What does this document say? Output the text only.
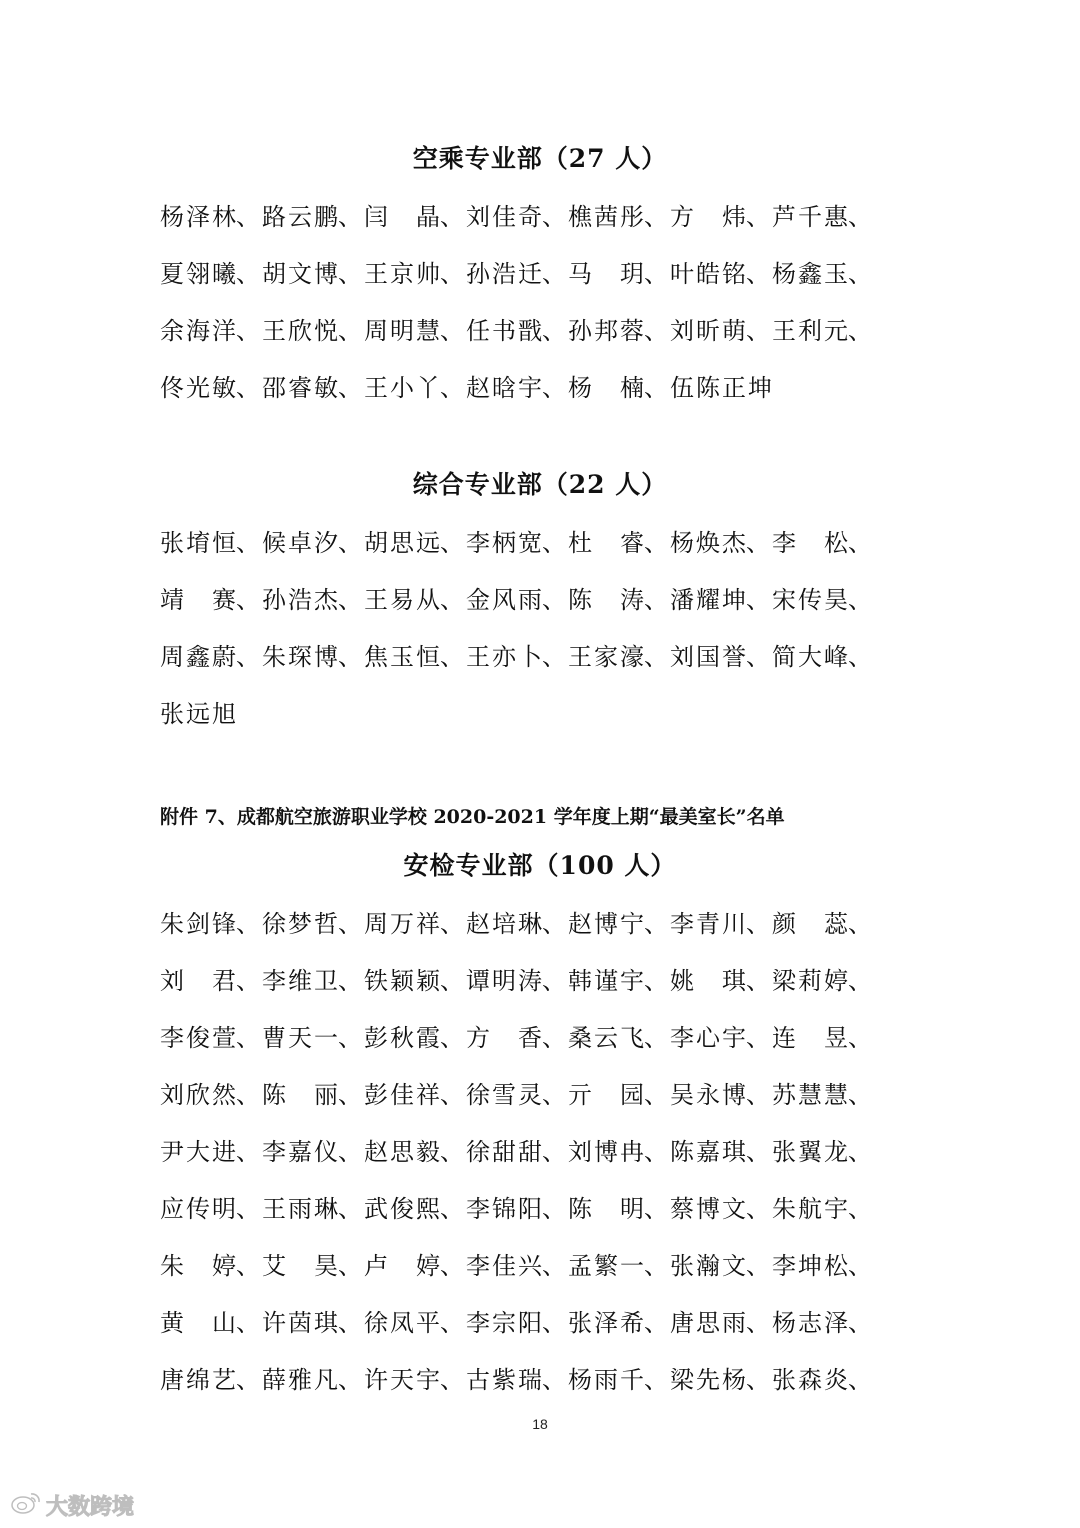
空乘专业部（27 人）
杨泽林 、 路云鹏 、 闫晶 、 刘佳奇 、 樵茜彤 、 方炜 、 芦千惠 、
夏翎曦 、 胡文博 、 王京帅 、 孙浩迁 、 马玥 、 叶皓铭 、 杨鑫玉 、
余海洋 、 王欣悦 、 周明慧 、 任书戬 、 孙邦蓉 、 刘昕萌 、 王利元 、
佟光敏 、 邵睿敏 、 王小丫 、 赵晗宇 、 杨楠 、 伍陈正坤
综合专业部（22 人）
张堉恒 、 候卓汐 、 胡思远 、 李柄宽 、 杜睿 、 杨焕杰 、 李松 、
靖赛 、 孙浩杰 、 王易从 、 金风雨 、 陈涛 、 潘耀坤 、 宋传昊 、
周鑫蔚 、 朱琛博 、 焦玉恒 、 王亦卜 、 王家濠 、 刘国誉 、 简大峰 、
张远旭
附件 7、成都航空旅游职业学校 2020-2021 学年度上期“最美室长”名单
安检专业部（100 人）
朱剑锋 、 徐梦哲 、 周万祥 、 赵培琳 、 赵博宁 、 李青川 、 颜蕊 、
刘君 、 李维卫 、 铁颖颖 、 谭明涛 、 韩谨宇 、 姚琪 、 梁莉婷 、
李俊萱 、 曹天一 、 彭秋霞 、 方香 、 桑云飞 、 李心宇 、 连昱 、
刘欣然 、 陈丽 、 彭佳祥 、 徐雪灵 、 亓园 、 吴永博 、 苏慧慧 、
尹大进 、 李嘉仪 、 赵思毅 、 徐甜甜 、 刘博冉 、 陈嘉琪 、 张翼龙 、
应传明 、 王雨琳 、 武俊熙 、 李锦阳 、 陈明 、 蔡博文 、 朱航宇 、
朱婷 、 艾昊 、 卢婷 、 李佳兴 、 孟繁一 、 张瀚文 、 李坤松 、
黄山 、 许茵琪 、 徐凤平 、 李宗阳 、 张泽希 、 唐思雨 、 杨志泽 、
唐绵艺 、 薛雅凡 、 许天宇 、 古紫瑞 、 杨雨千 、 梁先杨 、 张森炎 、
18
大数跨境
